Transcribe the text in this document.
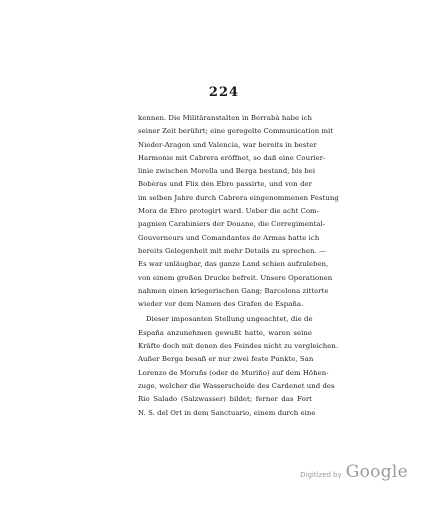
224
kennen. Die Militäranstalten in Berrabà habe ich
seiner Zeit berührt; eine geregelte Communication mit
Nieder-Aragon und Valencia, war bereits in bester
Harmonie mit Cabrera eröffnet, so daß eine Courier-
linie zwischen Morella und Berga bestand, bis bei
Bobèras und Flix den Ebro passirte, und von der
im selben Jahre durch Cabrera eingenommenen Festung
Mora de Ebro protegirt ward. Ueber die acht Com-
pagnien Carabiniers der Douane, die Corregimental-
Gouverneurs und Comandantes de Armas hatte ich
bereits Gelegenheit mit mehr Details zu sprechen. —
Es war unläugbar, das ganze Land schien aufzuleben,
von einem großen Drucke befreit. Unsere Operationen
nahmen einen kriegerischen Gang; Barcelona zitterte
wieder vor dem Namen des Grafen de España.
Dieser imposanten Stellung ungeachtet, die de
España anzunehmen gewußt hatte, waren seine
Kräfte doch mit denen des Feindes nicht zu vergleichen.
Außer Berga besaß er nur zwei feste Punkte, San
Lorenzo de Moruñs (oder de Muriño) auf dem Höhen-
zuge, welcher die Wasserscheide des Cardenet und des
Rio Salado (Salzwasser) bildet; ferner das Fort
N. S. del Ort in dem Sanctuario, einem durch eine
Digitized by Google
